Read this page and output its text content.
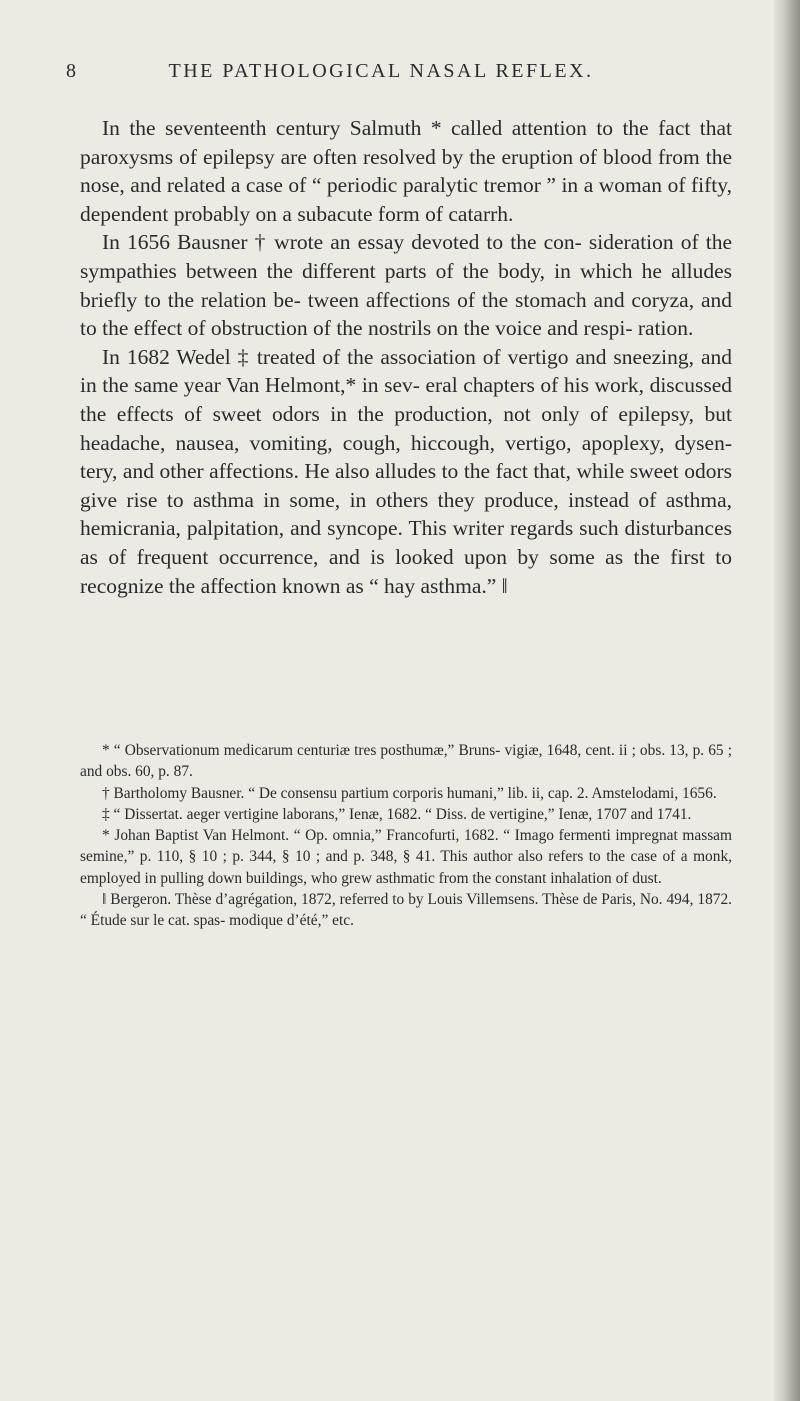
8	THE PATHOLOGICAL NASAL REFLEX.

In the seventeenth century Salmuth * called attention to the fact that paroxysms of epilepsy are often resolved by the eruption of blood from the nose, and related a case of “ periodic paralytic tremor ” in a woman of fifty, dependent probably on a subacute form of catarrh.

In 1656 Bausner † wrote an essay devoted to the con- sideration of the sympathies between the different parts of the body, in which he alludes briefly to the relation be- tween affections of the stomach and coryza, and to the effect of obstruction of the nostrils on the voice and respi- ration.

In 1682 Wedel ‡ treated of the association of vertigo and sneezing, and in the same year Van Helmont,* in sev- eral chapters of his work, discussed the effects of sweet odors in the production, not only of epilepsy, but headache, nausea, vomiting, cough, hiccough, vertigo, apoplexy, dysen- tery, and other affections. He also alludes to the fact that, while sweet odors give rise to asthma in some, in others they produce, instead of asthma, hemicrania, palpitation, and syncope. This writer regards such disturbances as of frequent occurrence, and is looked upon by some as the first to recognize the affection known as “ hay asthma.” ‖

* “ Observationum medicarum centuriæ tres posthumæ,” Bruns- vigiæ, 1648, cent. ii ; obs. 13, p. 65 ; and obs. 60, p. 87.

† Bartholomy Bausner. “ De consensu partium corporis humani,” lib. ii, cap. 2. Amstelodami, 1656.

‡ “ Dissertat. aeger vertigine laborans,” Ienæ, 1682. “ Diss. de vertigine,” Ienæ, 1707 and 1741.

* Johan Baptist Van Helmont. “ Op. omnia,” Francofurti, 1682. “ Imago fermenti impregnat massam semine,” p. 110, § 10 ; p. 344, § 10 ; and p. 348, § 41. This author also refers to the case of a monk, employed in pulling down buildings, who grew asthmatic from the constant inhalation of dust.

‖ Bergeron. Thèse d’agrégation, 1872, referred to by Louis Villemsens. Thèse de Paris, No. 494, 1872. “ Étude sur le cat. spas- modique d’été,” etc.
